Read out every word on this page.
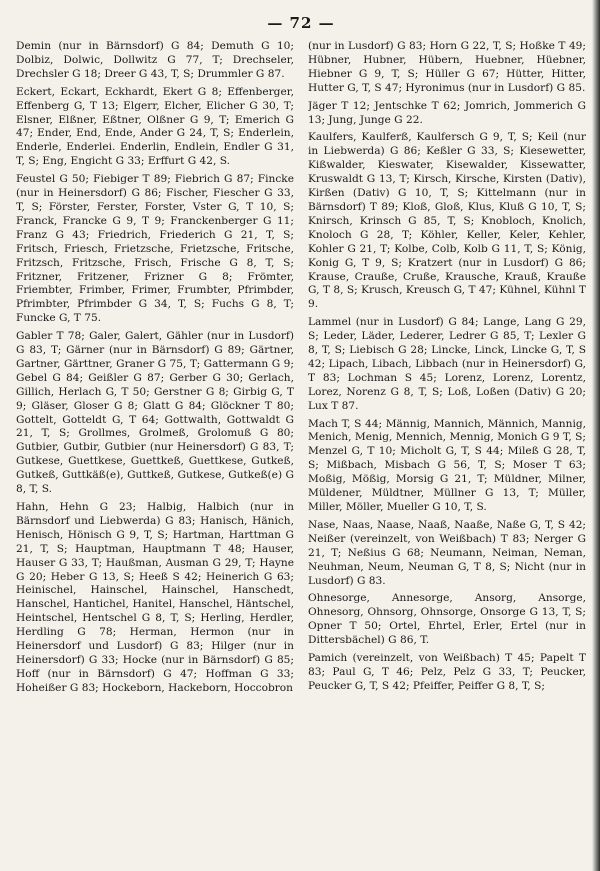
— 72 —

Demin (nur in Bärnsdorf) G 84; Demuth G 10; Dolbiz, Dolwic, Dollwitz G 77, T; Drechseler, Drechsler G 18; Dreer G 43, T, S; Drummler G 87.

Eckert, Eckart, Eckhardt, Ekert G 8; Effenberger, Effenberg G, T 13; Elgerr, Elcher, Elicher G 30, T; Elsner, Elßner, Eßtner, Olßner G 9, T; Emerich G 47; Ender, End, Ende, Ander G 24, T, S; Enderlein, Enderle, Enderlei. Enderlin, Endlein, Endler G 31, T, S; Eng, Engicht G 33; Erffurt G 42, S.

Feustel G 50; Fiebiger T 89; Fiebrich G 87; Fincke (nur in Heinersdorf) G 86; Fischer, Fiescher G 33, T, S; Förster, Ferster, Forster, Vster G, T 10, S; Franck, Francke G 9, T 9; Franckenberger G 11; Franz G 43; Friedrich, Friederich G 21, T, S; Fritsch, Friesch, Frietzsche, Frietzsche, Fritsche, Fritzsch, Fritzsche, Frisch, Frische G 8, T, S; Fritzner, Fritzener, Frizner G 8; Frömter, Friembter, Frimber, Frimer, Frumbter, Pfrimbder, Pfrimbter, Pfrimbder G 34, T, S; Fuchs G 8, T; Funcke G, T 75.

Gabler T 78; Galer, Galert, Gähler (nur in Lusdorf) G 83, T; Gärner (nur in Bärnsdorf) G 89; Gärtner, Gartner, Gärttner, Graner G 75, T; Gattermann G 9; Gebel G 84; Geißler G 87; Gerber G 30; Gerlach, Gillich, Herlach G, T 50; Gerstner G 8; Girbig G, T 9; Gläser, Gloser G 8; Glatt G 84; Glöckner T 80; Gottelt, Gotteldt G, T 64; Gottwalth, Gottwaldt G 21, T, S; Grollmes, Grolmeß, Grolomuß G 80; Gutbier, Gutbir, Gutbier (nur Heinersdorf) G 83, T; Gutkese, Guettkese, Guettkeß, Guettkese, Gutkeß, Gutkeß, Guttkäß(e), Guttkeß, Gutkese, Gutkeß(e) G 8, T, S.

Hahn, Hehn G 23; Halbig, Halbich (nur in Bärnsdorf und Liebwerda) G 83; Hanisch, Hänich, Henisch, Hönisch G 9, T, S; Hartman, Harttman G 21, T, S; Hauptman, Hauptmann T 48; Hauser, Hauser G 33, T; Haußman, Ausman G 29, T; Hayne G 20; Heber G 13, S; Heeß S 42; Heinerich G 63; Heinischel, Hainschel, Hainschel, Hanschedt, Hanschel, Hantichel, Hanitel, Hanschel, Häntschel, Heintschel, Hentschel G 8, T, S; Herling, Herdler, Herdling G 78; Herman, Hermon (nur in Heinersdorf und Lusdorf) G 83; Hilger (nur in Heinersdorf) G 33; Hocke (nur in Bärnsdorf) G 85; Hoff (nur in Bärnsdorf) G 47; Hoffman G 33; Hoheißer G 83; Hockeborn, Hackeborn, Hoccobron

(nur in Lusdorf) G 83; Horn G 22, T, S; Hoßke T 49; Hübner, Hubner, Hübern, Huebner, Hüebner, Hiebner G 9, T, S; Hüller G 67; Hütter, Hitter, Hutter G, T, S 47; Hyronimus (nur in Lusdorf) G 85.

Jäger T 12; Jentschke T 62; Jomrich, Jommerich G 13; Jung, Junge G 22.

Kaulfers, Kaulferß, Kaulfersch G 9, T, S; Keil (nur in Liebwerda) G 86; Keßler G 33, S; Kiesewetter, Kißwalder, Kieswater, Kisewalder, Kissewatter, Kruswaldt G 13, T; Kirsch, Kirsche, Kirsten (Dativ), Kirßen (Dativ) G 10, T, S; Kittelmann (nur in Bärnsdorf) T 89; Kloß, Gloß, Klus, Kluß G 10, T, S; Knirsch, Krinsch G 85, T, S; Knobloch, Knolich, Knoloch G 28, T; Köhler, Keller, Keler, Kehler, Kohler G 21, T; Kolbe, Colb, Kolb G 11, T, S; König, Konig G, T 9, S; Kratzert (nur in Lusdorf) G 86; Krause, Crauße, Cruße, Krausche, Krauß, Krauße G, T 8, S; Krusch, Kreusch G, T 47; Kühnel, Kühnl T 9.

Lammel (nur in Lusdorf) G 84; Lange, Lang G 29, S; Leder, Läder, Lederer, Ledrer G 85, T; Lexler G 8, T, S; Liebisch G 28; Lincke, Linck, Lincke G, T, S 42; Lipach, Libach, Libbach (nur in Heinersdorf) G, T 83; Lochman S 45; Lorenz, Lorenz, Lorentz, Lorez, Norenz G 8, T, S; Loß, Loßen (Dativ) G 20; Lux T 87.

Mach T, S 44; Männig, Mannich, Männich, Mannig, Menich, Menig, Mennich, Mennig, Monich G 9 T, S; Menzel G, T 10; Micholt G, T, S 44; Mileß G 28, T, S; Mißbach, Misbach G 56, T, S; Moser T 63; Moßig, Mößig, Morsig G 21, T; Müldner, Milner, Müldener, Müldtner, Müllner G 13, T; Müller, Miller, Möller, Mueller G 10, T, S.

Nase, Naas, Naase, Naaß, Naaße, Naße G, T, S 42; Neißer (vereinzelt, von Weißbach) T 83; Nerger G 21, T; Neßius G 68; Neumann, Neiman, Neman, Neuhman, Neum, Neuman G, T 8, S; Nicht (nur in Lusdorf) G 83.

Ohnesorge, Annesorge, Ansorg, Ansorge, Ohnesorg, Ohnsorg, Ohnsorge, Onsorge G 13, T, S; Opner T 50; Ortel, Ehrtel, Erler, Ertel (nur in Dittersbächel) G 86, T.

Pamich (vereinzelt, von Weißbach) T 45; Papelt T 83; Paul G, T 46; Pelz, Pelz G 33, T; Peucker, Peucker G, T, S 42; Pfeiffer, Peiffer G 8, T, S;
